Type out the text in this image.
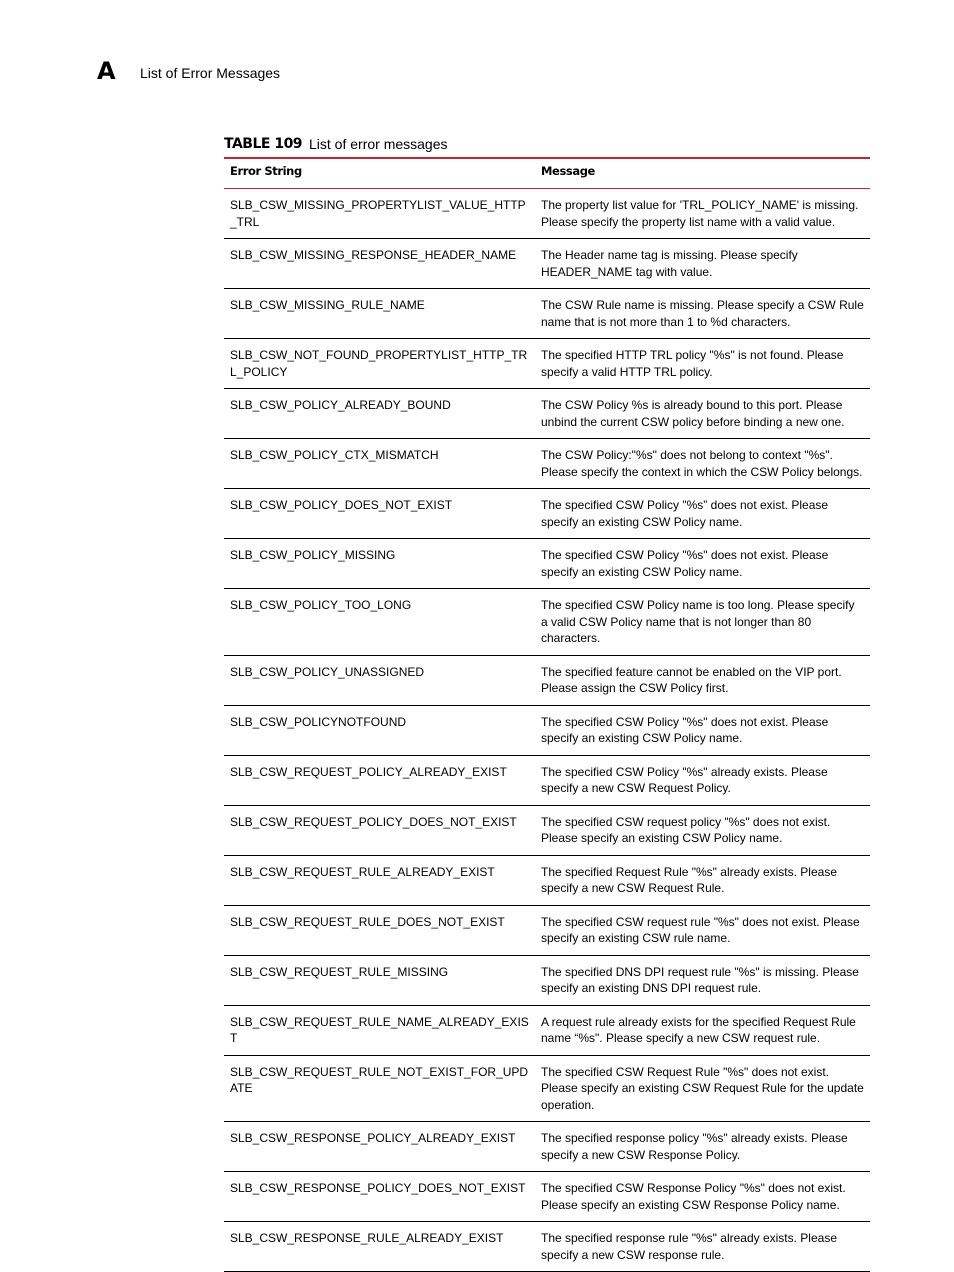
A List of Error Messages
TABLE 109 List of error messages
Error String	Message
SLB_CSW_MISSING_PROPERTYLIST_VALUE_HTTP_TRL	The property list value for 'TRL_POLICY_NAME' is missing. Please specify the property list name with a valid value.
SLB_CSW_MISSING_RESPONSE_HEADER_NAME	The Header name tag is missing. Please specify HEADER_NAME tag with value.
SLB_CSW_MISSING_RULE_NAME	The CSW Rule name is missing. Please specify a CSW Rule name that is not more than 1 to %d characters.
SLB_CSW_NOT_FOUND_PROPERTYLIST_HTTP_TRL_POLICY	The specified HTTP TRL policy "%s" is not found. Please specify a valid HTTP TRL policy.
SLB_CSW_POLICY_ALREADY_BOUND	The CSW Policy %s is already bound to this port. Please unbind the current CSW policy before binding a new one.
SLB_CSW_POLICY_CTX_MISMATCH	The CSW Policy:"%s" does not belong to context "%s". Please specify the context in which the CSW Policy belongs.
SLB_CSW_POLICY_DOES_NOT_EXIST	The specified CSW Policy "%s” does not exist. Please specify an existing CSW Policy name.
SLB_CSW_POLICY_MISSING	The specified CSW Policy "%s" does not exist. Please specify an existing CSW Policy name.
SLB_CSW_POLICY_TOO_LONG	The specified CSW Policy name is too long. Please specify a valid CSW Policy name that is not longer than 80 characters.
SLB_CSW_POLICY_UNASSIGNED	The specified feature cannot be enabled on the VIP port. Please assign the CSW Policy first.
SLB_CSW_POLICYNOTFOUND	The specified CSW Policy "%s" does not exist. Please specify an existing CSW Policy name.
SLB_CSW_REQUEST_POLICY_ALREADY_EXIST	The specified CSW Policy "%s" already exists. Please specify a new CSW Request Policy.
SLB_CSW_REQUEST_POLICY_DOES_NOT_EXIST	The specified CSW request policy "%s" does not exist. Please specify an existing CSW Policy name.
SLB_CSW_REQUEST_RULE_ALREADY_EXIST	The specified Request Rule "%s" already exists. Please specify a new CSW Request Rule.
SLB_CSW_REQUEST_RULE_DOES_NOT_EXIST	The specified CSW request rule "%s" does not exist. Please specify an existing CSW rule name.
SLB_CSW_REQUEST_RULE_MISSING	The specified DNS DPI request rule "%s" is missing. Please specify an existing DNS DPI request rule.
SLB_CSW_REQUEST_RULE_NAME_ALREADY_EXIST	A request rule already exists for the specified Request Rule name “%s". Please specify a new CSW request rule.
SLB_CSW_REQUEST_RULE_NOT_EXIST_FOR_UPDATE	The specified CSW Request Rule "%s" does not exist. Please specify an existing CSW Request Rule for the update operation.
SLB_CSW_RESPONSE_POLICY_ALREADY_EXIST	The specified response policy "%s" already exists. Please specify a new CSW Response Policy.
SLB_CSW_RESPONSE_POLICY_DOES_NOT_EXIST	The specified CSW Response Policy "%s" does not exist. Please specify an existing CSW Response Policy name.
SLB_CSW_RESPONSE_RULE_ALREADY_EXIST	The specified response rule "%s" already exists. Please specify a new CSW response rule.
